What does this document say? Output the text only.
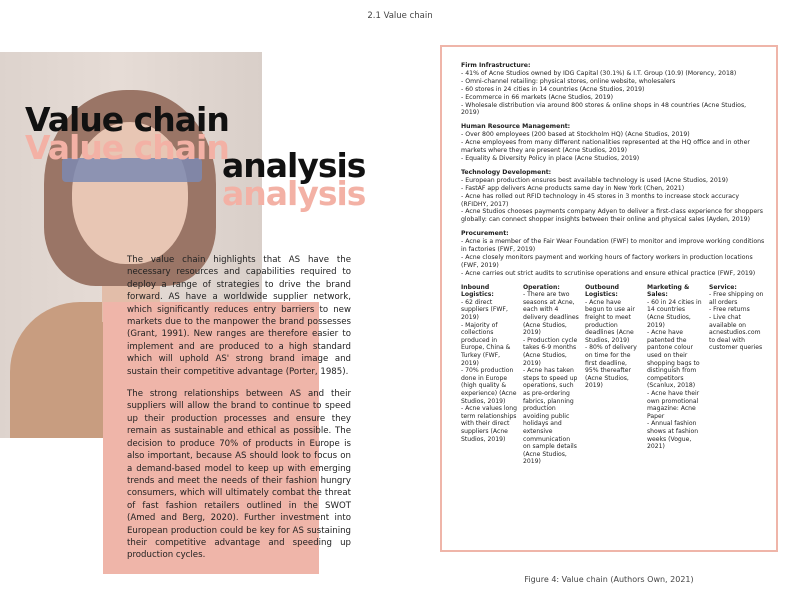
2.1 Value chain
Value chain
Value chain
analysis
analysis

The value chain highlights that AS have the necessary resources and capabilities required to deploy a range of strategies to drive the brand forward. AS have a worldwide supplier network, which significantly reduces entry barriers to new markets due to the manpower the brand possesses (Grant, 1991). New ranges are therefore easier to implement and are produced to a high standard which will uphold AS' strong brand image and sustain their competitive advantage (Porter, 1985).

The strong relationships between AS and their suppliers will allow the brand to continue to speed up their production processes and ensure they remain as sustainable and ethical as possible. The decision to produce 70% of products in Europe is also important, because AS should look to focus on a demand-based model to keep up with emerging trends and meet the needs of their fashion hungry consumers, which will ultimately combat the threat of fast fashion retailers outlined in the SWOT (Amed and Berg, 2020). Further investment into European production could be key for AS sustaining their competitive advantage and speeding up production cycles.

Firm Infrastructure:
- 41% of Acne Studios owned by IDG Capital (30.1%) & I.T. Group (10.9) (Morency, 2018)
- Omni-channel retailing: physical stores, online website, wholesalers
- 60 stores in 24 cities in 14 countries (Acne Studios, 2019)
- Ecommerce in 66 markets (Acne Studios, 2019)
- Wholesale distribution via around 800 stores & online shops in 48 countries (Acne Studios, 2019)
Human Resource Management:
- Over 800 employees (200 based at Stockholm HQ) (Acne Studios, 2019)
- Acne employees from many different nationalities represented at the HQ office and in other markets where they are present (Acne Studios, 2019)
- Equality & Diversity Policy in place (Acne Studios, 2019)
Technology Development:
- European production ensures best available technology is used (Acne Studios, 2019)
- FastAF app delivers Acne products same day in New York (Chen, 2021)
- Acne has rolled out RFID technology in 45 stores in 3 months to increase stock accuracy (RFIDHY, 2017)
- Acne Studios chooses payments company Adyen to deliver a first-class experience for shoppers globally: can connect shopper insights between their online and physical sales (Ayden, 2019)
Procurement:
- Acne is a member of the Fair Wear Foundation (FWF) to monitor and improve working conditions in factories (FWF, 2019)
- Acne closely monitors payment and working hours of factory workers in production locations (FWF, 2019)
- Acne carries out strict audits to scrutinise operations and ensure ethical practice (FWF, 2019)
Inbound Logistics:
- 62 direct suppliers (FWF, 2019)
- Majority of collections produced in Europe, China & Turkey (FWF, 2019)
- 70% production done in Europe (high quality & experience) (Acne Studios, 2019)
- Acne values long term relationships with their direct suppliers (Acne Studios, 2019)
Operation:
- There are two seasons at Acne, each with 4 delivery deadlines (Acne Studios, 2019)
- Production cycle takes 6-9 months (Acne Studios, 2019)
- Acne has taken steps to speed up operations, such as pre-ordering fabrics, planning production avoiding public holidays and extensive communication on sample details (Acne Studios, 2019)
Outbound Logistics:
- Acne have begun to use air freight to meet production deadlines (Acne Studios, 2019)
- 80% of delivery on time for the first deadline, 95% thereafter (Acne Studios, 2019)
Marketing & Sales:
- 60 in 24 cities in 14 countries (Acne Studios, 2019)
- Acne have patented the pantone colour used on their shopping bags to distinguish from competitors (Scanlux, 2018)
- Acne have their own promotional magazine: Acne Paper
- Annual fashion shows at fashion weeks (Vogue, 2021)
Service:
- Free shipping on all orders
- Free returns
- Live chat available on acnestudios.com to deal with customer queries
Figure 4: Value chain (Authors Own, 2021)
